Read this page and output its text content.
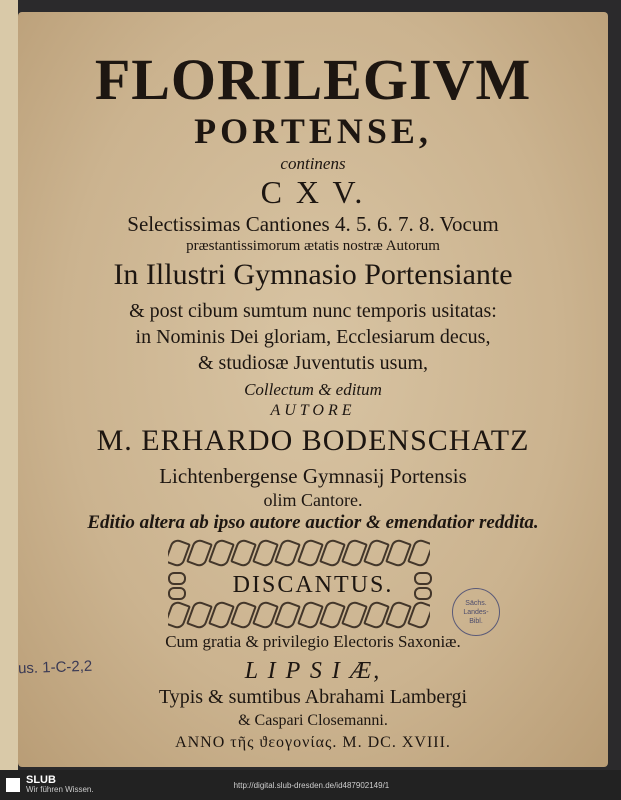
FLORILEGIVM
PORTENSE,
continens
C X V.
Selectissimas Cantiones 4. 5. 6. 7. 8. Vocum
præstantissimorum ætatis nostræ Autorum
In Illustri Gymnasio Portensiante
& post cibum sumtum nunc temporis usitatas:
in Nominis Dei gloriam, Ecclesiarum decus,
& studiosæ Juventutis usum,
Collectum & editum
AUTORE
M. ERHARDO BODENSCHATZ
Lichtenbergense Gymnasij Portensis
olim Cantore.
Editio altera ab ipso autore auctior & emendatior reddita.
DISCANTUS.
Sächs.
Landes-
Bibl.
Cum gratia & privilegio Electoris Saxoniæ.
L I P S I Æ,
Typis & sumtibus Abrahami Lambergi
& Caspari Closemanni.
ANNO τῆς ϑεογονίας. M. DC. XVIII.
us. 1-C-2,2
SLUB
Wir führen Wissen.	http://digital.slub-dresden.de/id487902149/1
